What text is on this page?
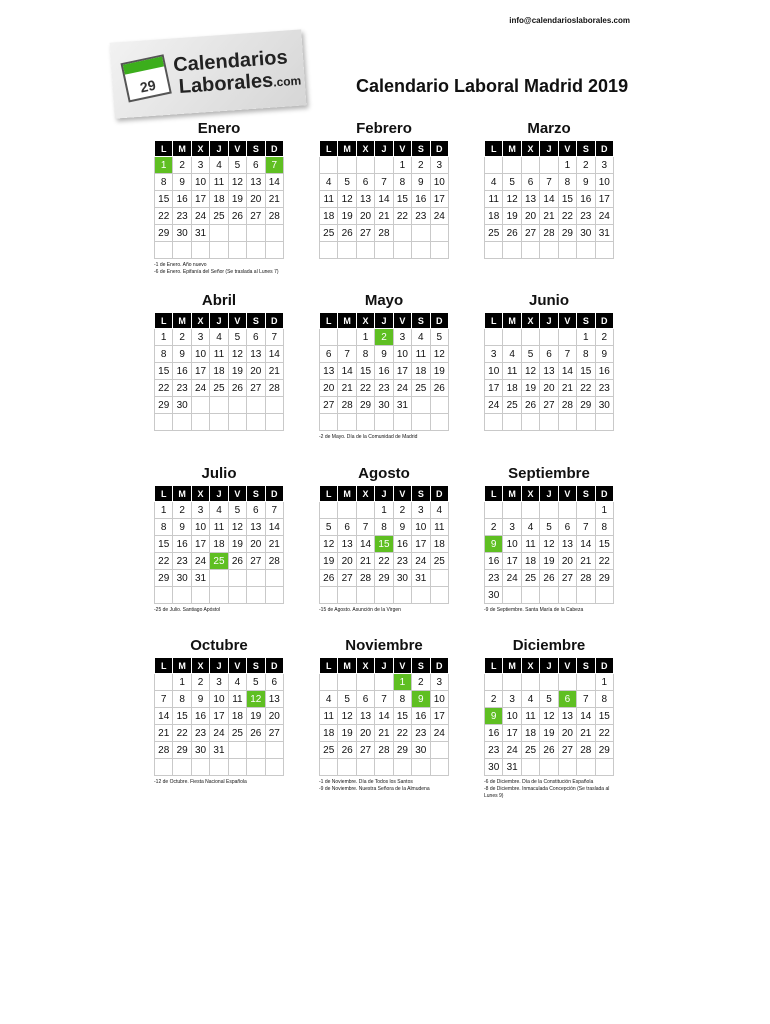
info@calendarioslaborales.com
29
Calendarios
Laborales.com	Calendario Laboral Madrid 2019
Enero
L	M	X	J	V	S	D
1	2	3	4	5	6	7
8	9	10	11	12	13	14
15	16	17	18	19	20	21
22	23	24	25	26	27	28
29	30	31				

-1 de Enero. Año nuevo
-6 de Enero. Epifanía del Señor (Se traslada al Lunes 7)
Febrero
L	M	X	J	V	S	D
				1	2	3
4	5	6	7	8	9	10
11	12	13	14	15	16	17
18	19	20	21	22	23	24
25	26	27	28			

Marzo
L	M	X	J	V	S	D
				1	2	3
4	5	6	7	8	9	10
11	12	13	14	15	16	17
18	19	20	21	22	23	24
25	26	27	28	29	30	31

Abril
L	M	X	J	V	S	D
1	2	3	4	5	6	7
8	9	10	11	12	13	14
15	16	17	18	19	20	21
22	23	24	25	26	27	28
29	30					

Mayo
L	M	X	J	V	S	D
		1	2	3	4	5
6	7	8	9	10	11	12
13	14	15	16	17	18	19
20	21	22	23	24	25	26
27	28	29	30	31		

-2 de Mayo. Día de la Comunidad de Madrid
Junio
L	M	X	J	V	S	D
					1	2
3	4	5	6	7	8	9
10	11	12	13	14	15	16
17	18	19	20	21	22	23
24	25	26	27	28	29	30

Julio
L	M	X	J	V	S	D
1	2	3	4	5	6	7
8	9	10	11	12	13	14
15	16	17	18	19	20	21
22	23	24	25	26	27	28
29	30	31				

-25 de Julio. Santiago Apóstol
Agosto
L	M	X	J	V	S	D
			1	2	3	4
5	6	7	8	9	10	11
12	13	14	15	16	17	18
19	20	21	22	23	24	25
26	27	28	29	30	31	

-15 de Agosto. Asunción de la Virgen
Septiembre
L	M	X	J	V	S	D
						1
2	3	4	5	6	7	8
9	10	11	12	13	14	15
16	17	18	19	20	21	22
23	24	25	26	27	28	29
30						
-9 de Septiembre. Santa María de la Cabeza
Octubre
L	M	X	J	V	S	D
	1	2	3	4	5	6
7	8	9	10	11	12	13
14	15	16	17	18	19	20
21	22	23	24	25	26	27
28	29	30	31			

-12 de Octubre. Fiesta Nacional Española
Noviembre
L	M	X	J	V	S	D
				1	2	3
4	5	6	7	8	9	10
11	12	13	14	15	16	17
18	19	20	21	22	23	24
25	26	27	28	29	30	

-1 de Noviembre. Día de Todos los Santos
-9 de Noviembre. Nuestra Señora de la Almudena
Diciembre
L	M	X	J	V	S	D
						1
2	3	4	5	6	7	8
9	10	11	12	13	14	15
16	17	18	19	20	21	22
23	24	25	26	27	28	29
30	31					
-6 de Diciembre. Día de la Constitución Española
-8 de Diciembre. Inmaculada Concepción (Se traslada al Lunes 9)
